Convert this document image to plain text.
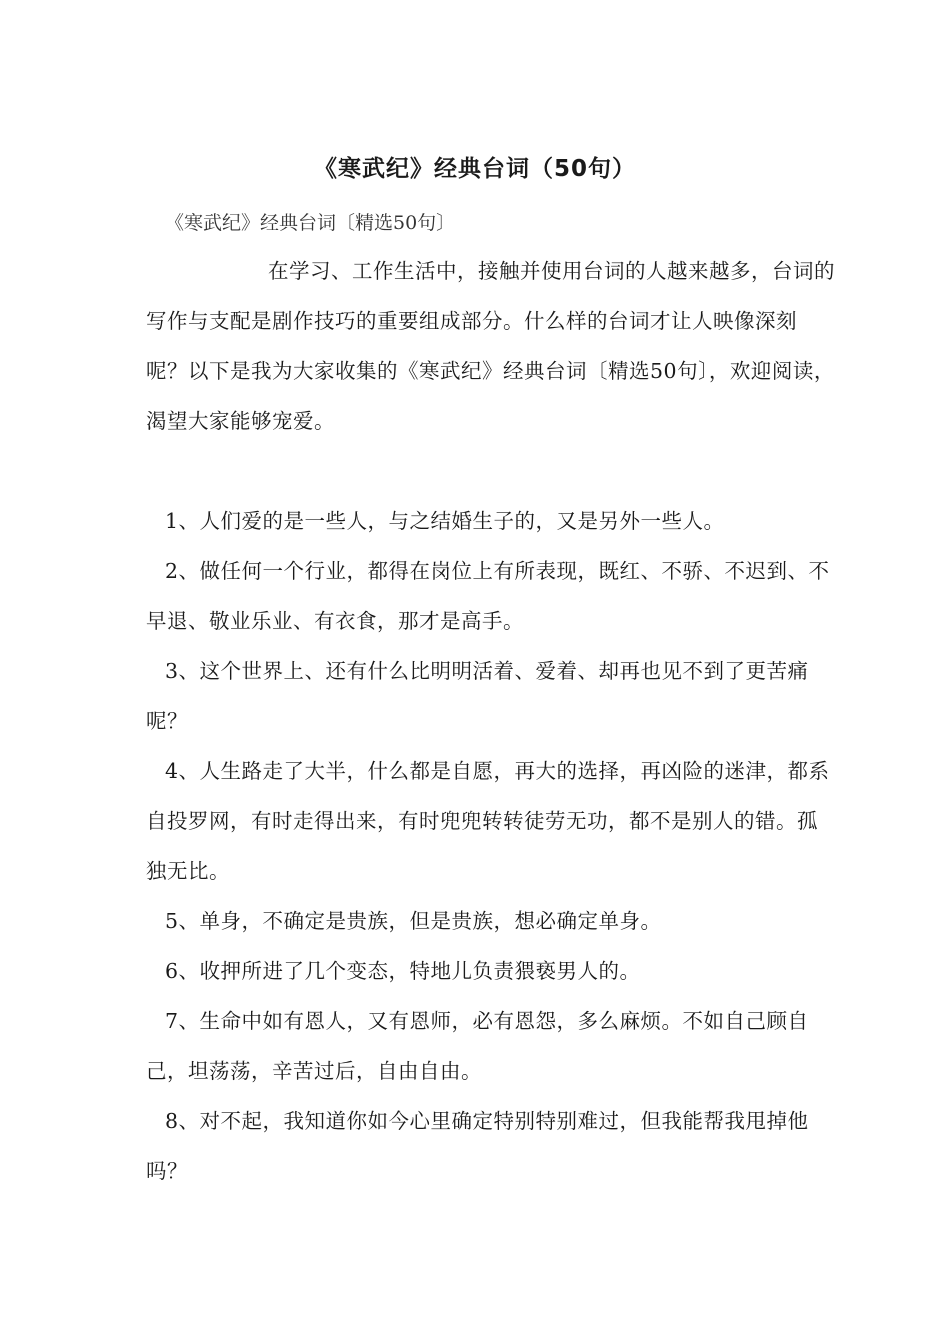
《寒武纪》经典台词（50句）
《寒武纪》经典台词〔精选50句〕
在学习、工作生活中，接触并使用台词的人越来越多，台词的写作与支配是剧作技巧的重要组成部分。什么样的台词才让人映像深刻呢？以下是我为大家收集的《寒武纪》经典台词〔精选50句〕，欢迎阅读，渴望大家能够宠爱。

1、人们爱的是一些人，与之结婚生子的，又是另外一些人。

2、做任何一个行业，都得在岗位上有所表现，既红、不骄、不迟到、不早退、敬业乐业、有衣食，那才是高手。

3、这个世界上、还有什么比明明活着、爱着、却再也见不到了更苦痛呢？

4、人生路走了大半，什么都是自愿，再大的选择，再凶险的迷津，都系自投罗网，有时走得出来，有时兜兜转转徒劳无功，都不是别人的错。孤独无比。

5、单身，不确定是贵族，但是贵族，想必确定单身。

6、收押所进了几个变态，特地儿负责猥亵男人的。

7、生命中如有恩人，又有恩师，必有恩怨，多么麻烦。不如自己顾自己，坦荡荡，辛苦过后，自由自由。

8、对不起，我知道你如今心里确定特别特别难过，但我能帮我甩掉他吗？
